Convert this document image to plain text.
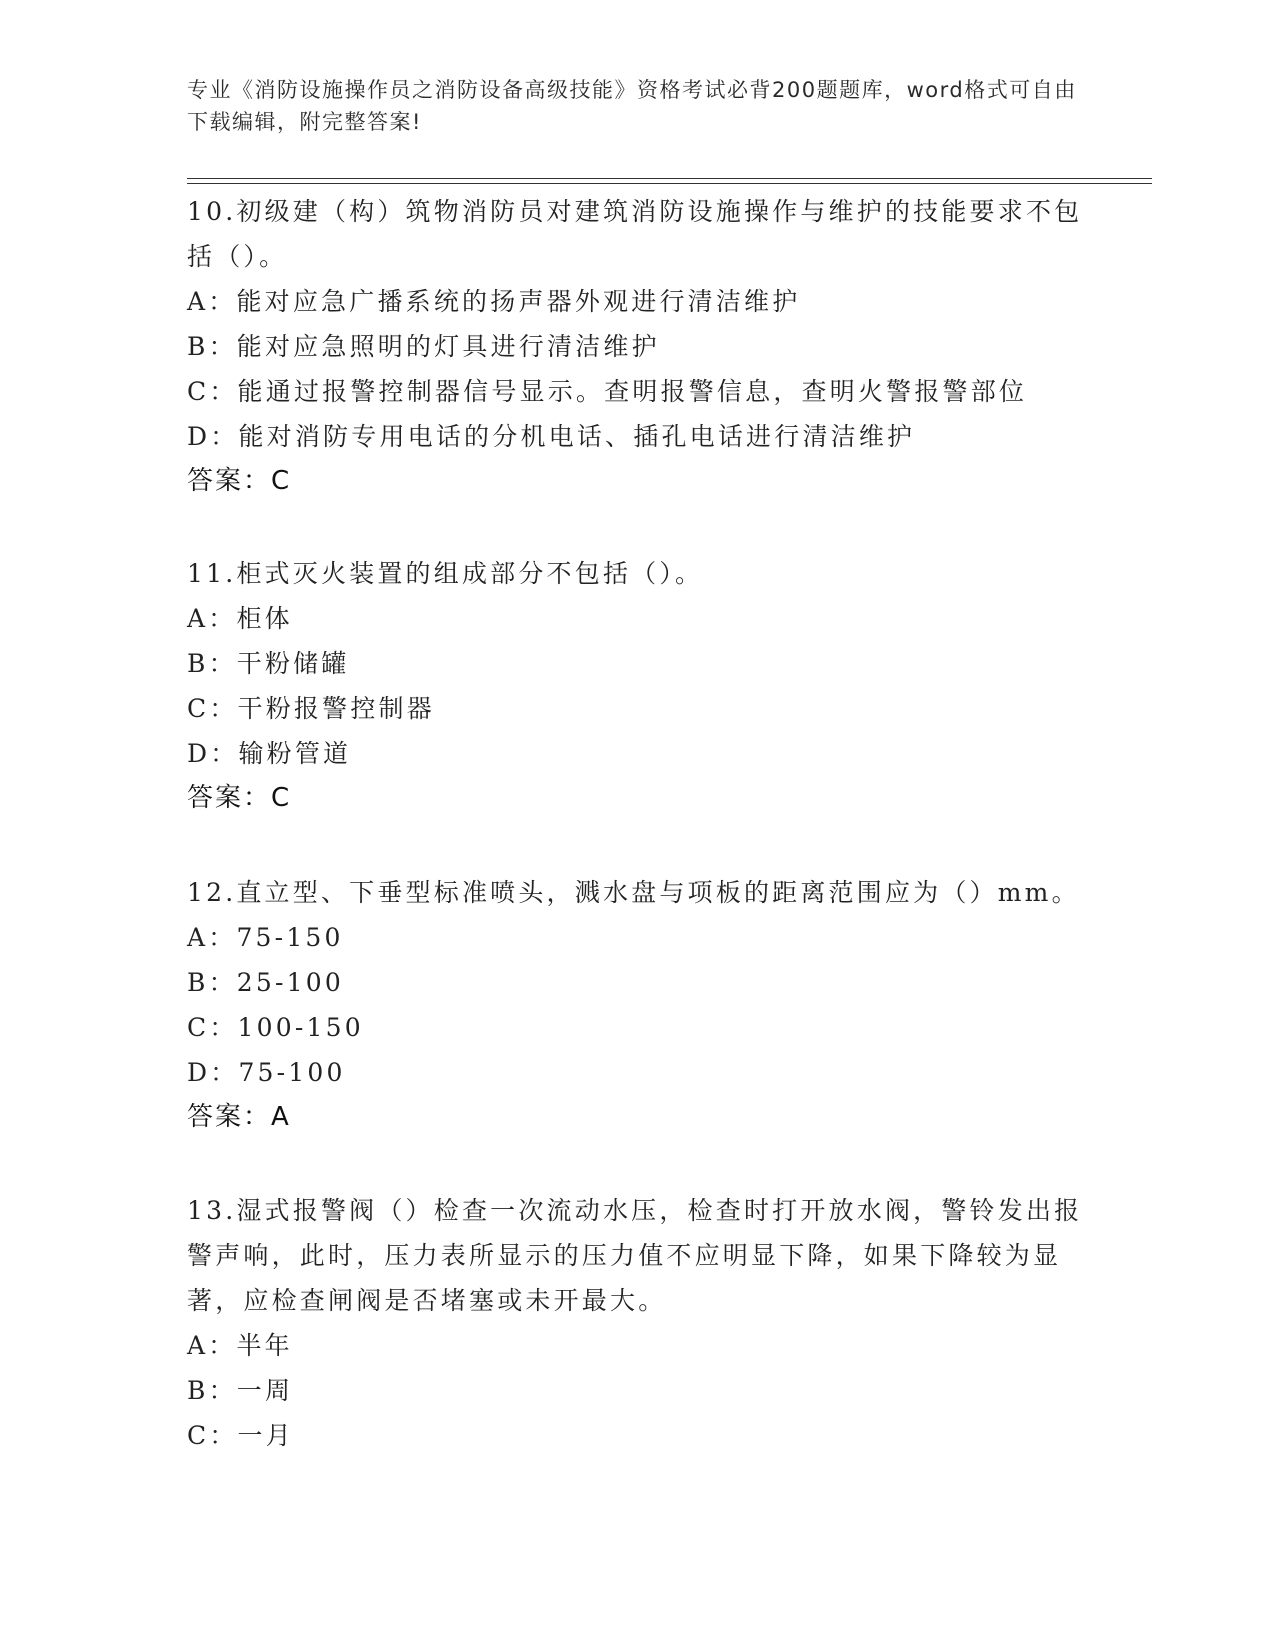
专业《消防设施操作员之消防设备高级技能》资格考试必背200题题库，word格式可自由下载编辑，附完整答案!
10.初级建（构）筑物消防员对建筑消防设施操作与维护的技能要求不包括（）。
A：能对应急广播系统的扬声器外观进行清洁维护
B：能对应急照明的灯具进行清洁维护
C：能通过报警控制器信号显示。查明报警信息，查明火警报警部位
D：能对消防专用电话的分机电话、插孔电话进行清洁维护
答案：C
11.柜式灭火装置的组成部分不包括（）。
A：柜体
B：干粉储罐
C：干粉报警控制器
D：输粉管道
答案：C
12.直立型、下垂型标准喷头，溅水盘与项板的距离范围应为（）mm。
A：75-150
B：25-100
C：100-150
D：75-100
答案：A
13.湿式报警阀（）检查一次流动水压，检查时打开放水阀，警铃发出报警声响，此时，压力表所显示的压力值不应明显下降，如果下降较为显著，应检查闸阀是否堵塞或未开最大。
A：半年
B：一周
C：一月
